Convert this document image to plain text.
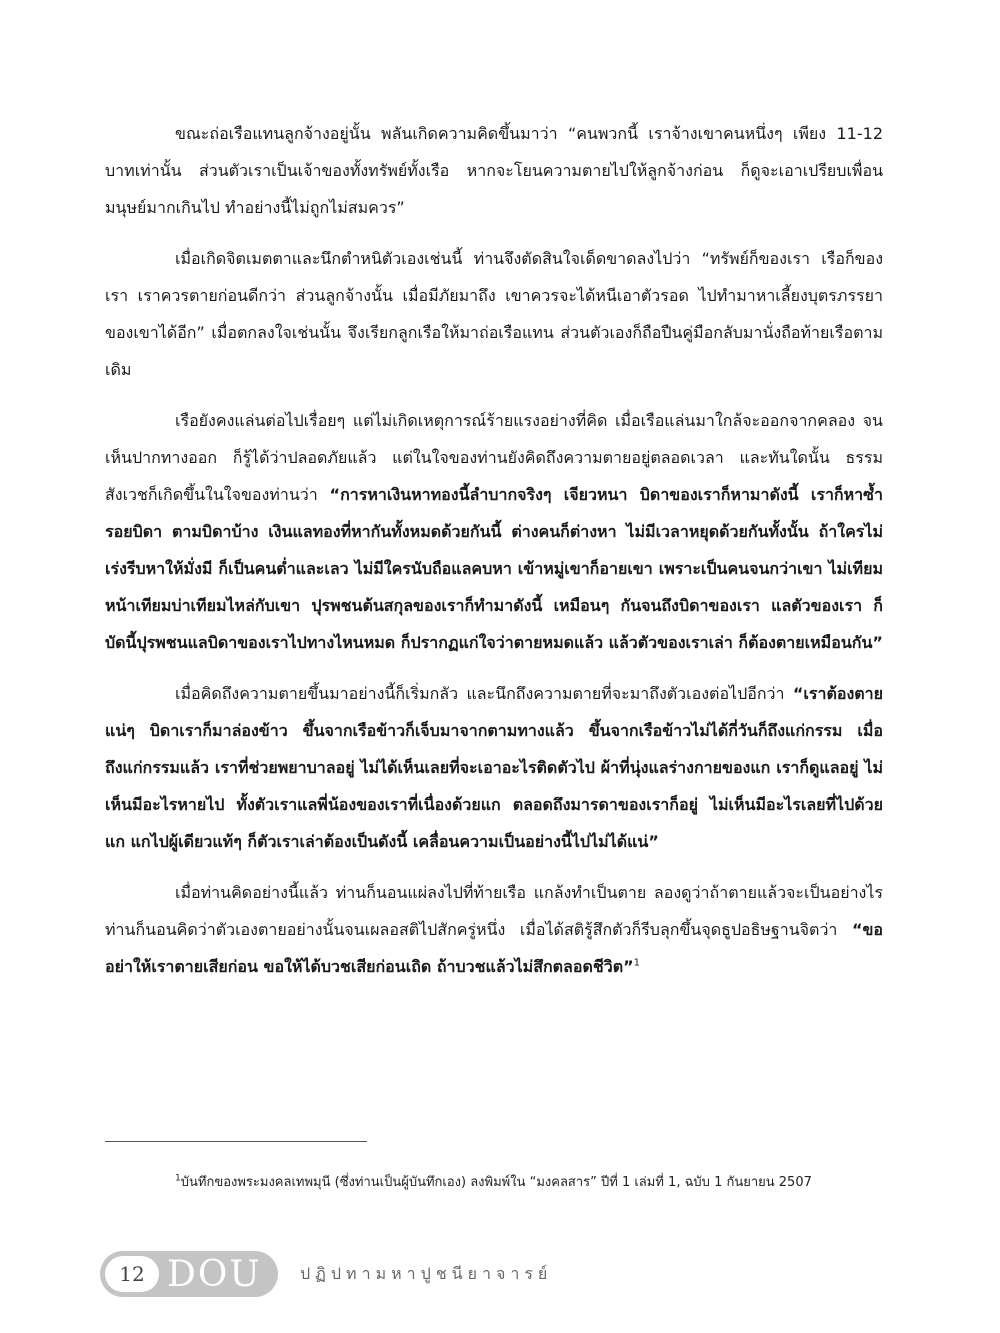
ขณะถ่อเรือแทนลูกจ้างอยู่นั้น พลันเกิดความคิดขึ้นมาว่า “คนพวกนี้ เราจ้างเขาคนหนึ่งๆ เพียง 11-12 บาทเท่านั้น ส่วนตัวเราเป็นเจ้าของทั้งทรัพย์ทั้งเรือ หากจะโยนความตายไปให้ลูกจ้างก่อน ก็ดูจะเอาเปรียบเพื่อนมนุษย์มากเกินไป ทำอย่างนี้ไม่ถูกไม่สมควร”

เมื่อเกิดจิตเมตตาและนึกตำหนิตัวเองเช่นนี้ ท่านจึงตัดสินใจเด็ดขาดลงไปว่า “ทรัพย์ก็ของเรา เรือก็ของเรา เราควรตายก่อนดีกว่า ส่วนลูกจ้างนั้น เมื่อมีภัยมาถึง เขาควรจะได้หนีเอาตัวรอด ไปทำมาหาเลี้ยงบุตรภรรยาของเขาได้อีก” เมื่อตกลงใจเช่นนั้น จึงเรียกลูกเรือให้มาถ่อเรือแทน ส่วนตัวเองก็ถือปืนคู่มือกลับมานั่งถือท้ายเรือตามเดิม

เรือยังคงแล่นต่อไปเรื่อยๆ แต่ไม่เกิดเหตุการณ์ร้ายแรงอย่างที่คิด เมื่อเรือแล่นมาใกล้จะออกจากคลอง จนเห็นปากทางออก ก็รู้ได้ว่าปลอดภัยแล้ว แต่ในใจของท่านยังคิดถึงความตายอยู่ตลอดเวลา และทันใดนั้น ธรรมสังเวชก็เกิดขึ้นในใจของท่านว่า “การหาเงินหาทองนี้ลำบากจริงๆ เจียวหนา บิดาของเราก็หามาดังนี้ เราก็หาซ้ำรอยบิดา ตามบิดาบ้าง เงินแลทองที่หากันทั้งหมดด้วยกันนี้ ต่างคนก็ต่างหา ไม่มีเวลาหยุดด้วยกันทั้งนั้น ถ้าใครไม่เร่งรีบหาให้มั่งมี ก็เป็นคนต่ำและเลว ไม่มีใครนับถือแลคบหา เข้าหมู่เขาก็อายเขา เพราะเป็นคนจนกว่าเขา ไม่เทียมหน้าเทียมบ่าเทียมไหล่กับเขา ปุรพชนต้นสกุลของเราก็ทำมาดังนี้ เหมือนๆ กันจนถึงบิดาของเรา แลตัวของเรา ก็บัดนี้ปุรพชนแลบิดาของเราไปทางไหนหมด ก็ปรากฏแก่ใจว่าตายหมดแล้ว แล้วตัวของเราเล่า ก็ต้องตายเหมือนกัน”

เมื่อคิดถึงความตายขึ้นมาอย่างนี้ก็เริ่มกลัว และนึกถึงความตายที่จะมาถึงตัวเองต่อไปอีกว่า “เราต้องตายแน่ๆ บิดาเราก็มาล่องข้าว ขึ้นจากเรือข้าวก็เจ็บมาจากตามทางแล้ว ขึ้นจากเรือข้าวไม่ได้กี่วันก็ถึงแก่กรรม เมื่อถึงแก่กรรมแล้ว เราที่ช่วยพยาบาลอยู่ ไม่ได้เห็นเลยที่จะเอาอะไรติดตัวไป ผ้าที่นุ่งแลร่างกายของแก เราก็ดูแลอยู่ ไม่เห็นมีอะไรหายไป ทั้งตัวเราแลพี่น้องของเราที่เนื่องด้วยแก ตลอดถึงมารดาของเราก็อยู่ ไม่เห็นมีอะไรเลยที่ไปด้วยแก แกไปผู้เดียวแท้ๆ ก็ตัวเราเล่าต้องเป็นดังนี้ เคลื่อนความเป็นอย่างนี้ไปไม่ได้แน่”

เมื่อท่านคิดอย่างนี้แล้ว ท่านก็นอนแผ่ลงไปที่ท้ายเรือ แกล้งทำเป็นตาย ลองดูว่าถ้าตายแล้วจะเป็นอย่างไร ท่านก็นอนคิดว่าตัวเองตายอย่างนั้นจนเผลอสติไปสักครู่หนึ่ง เมื่อได้สติรู้สึกตัวก็รีบลุกขึ้นจุดธูปอธิษฐานจิตว่า “ขออย่าให้เราตายเสียก่อน ขอให้ได้บวชเสียก่อนเถิด ถ้าบวชแล้วไม่สึกตลอดชีวิต”$^1$

$^1$บันทึกของพระมงคลเทพมุนี (ซึ่งท่านเป็นผู้บันทึกเอง) ลงพิมพ์ใน “มงคลสาร” ปีที่ 1 เล่มที่ 1, ฉบับ 1 กันยายน 2507
12 DOU ปฏิปทามหาปูชนียาจารย์
